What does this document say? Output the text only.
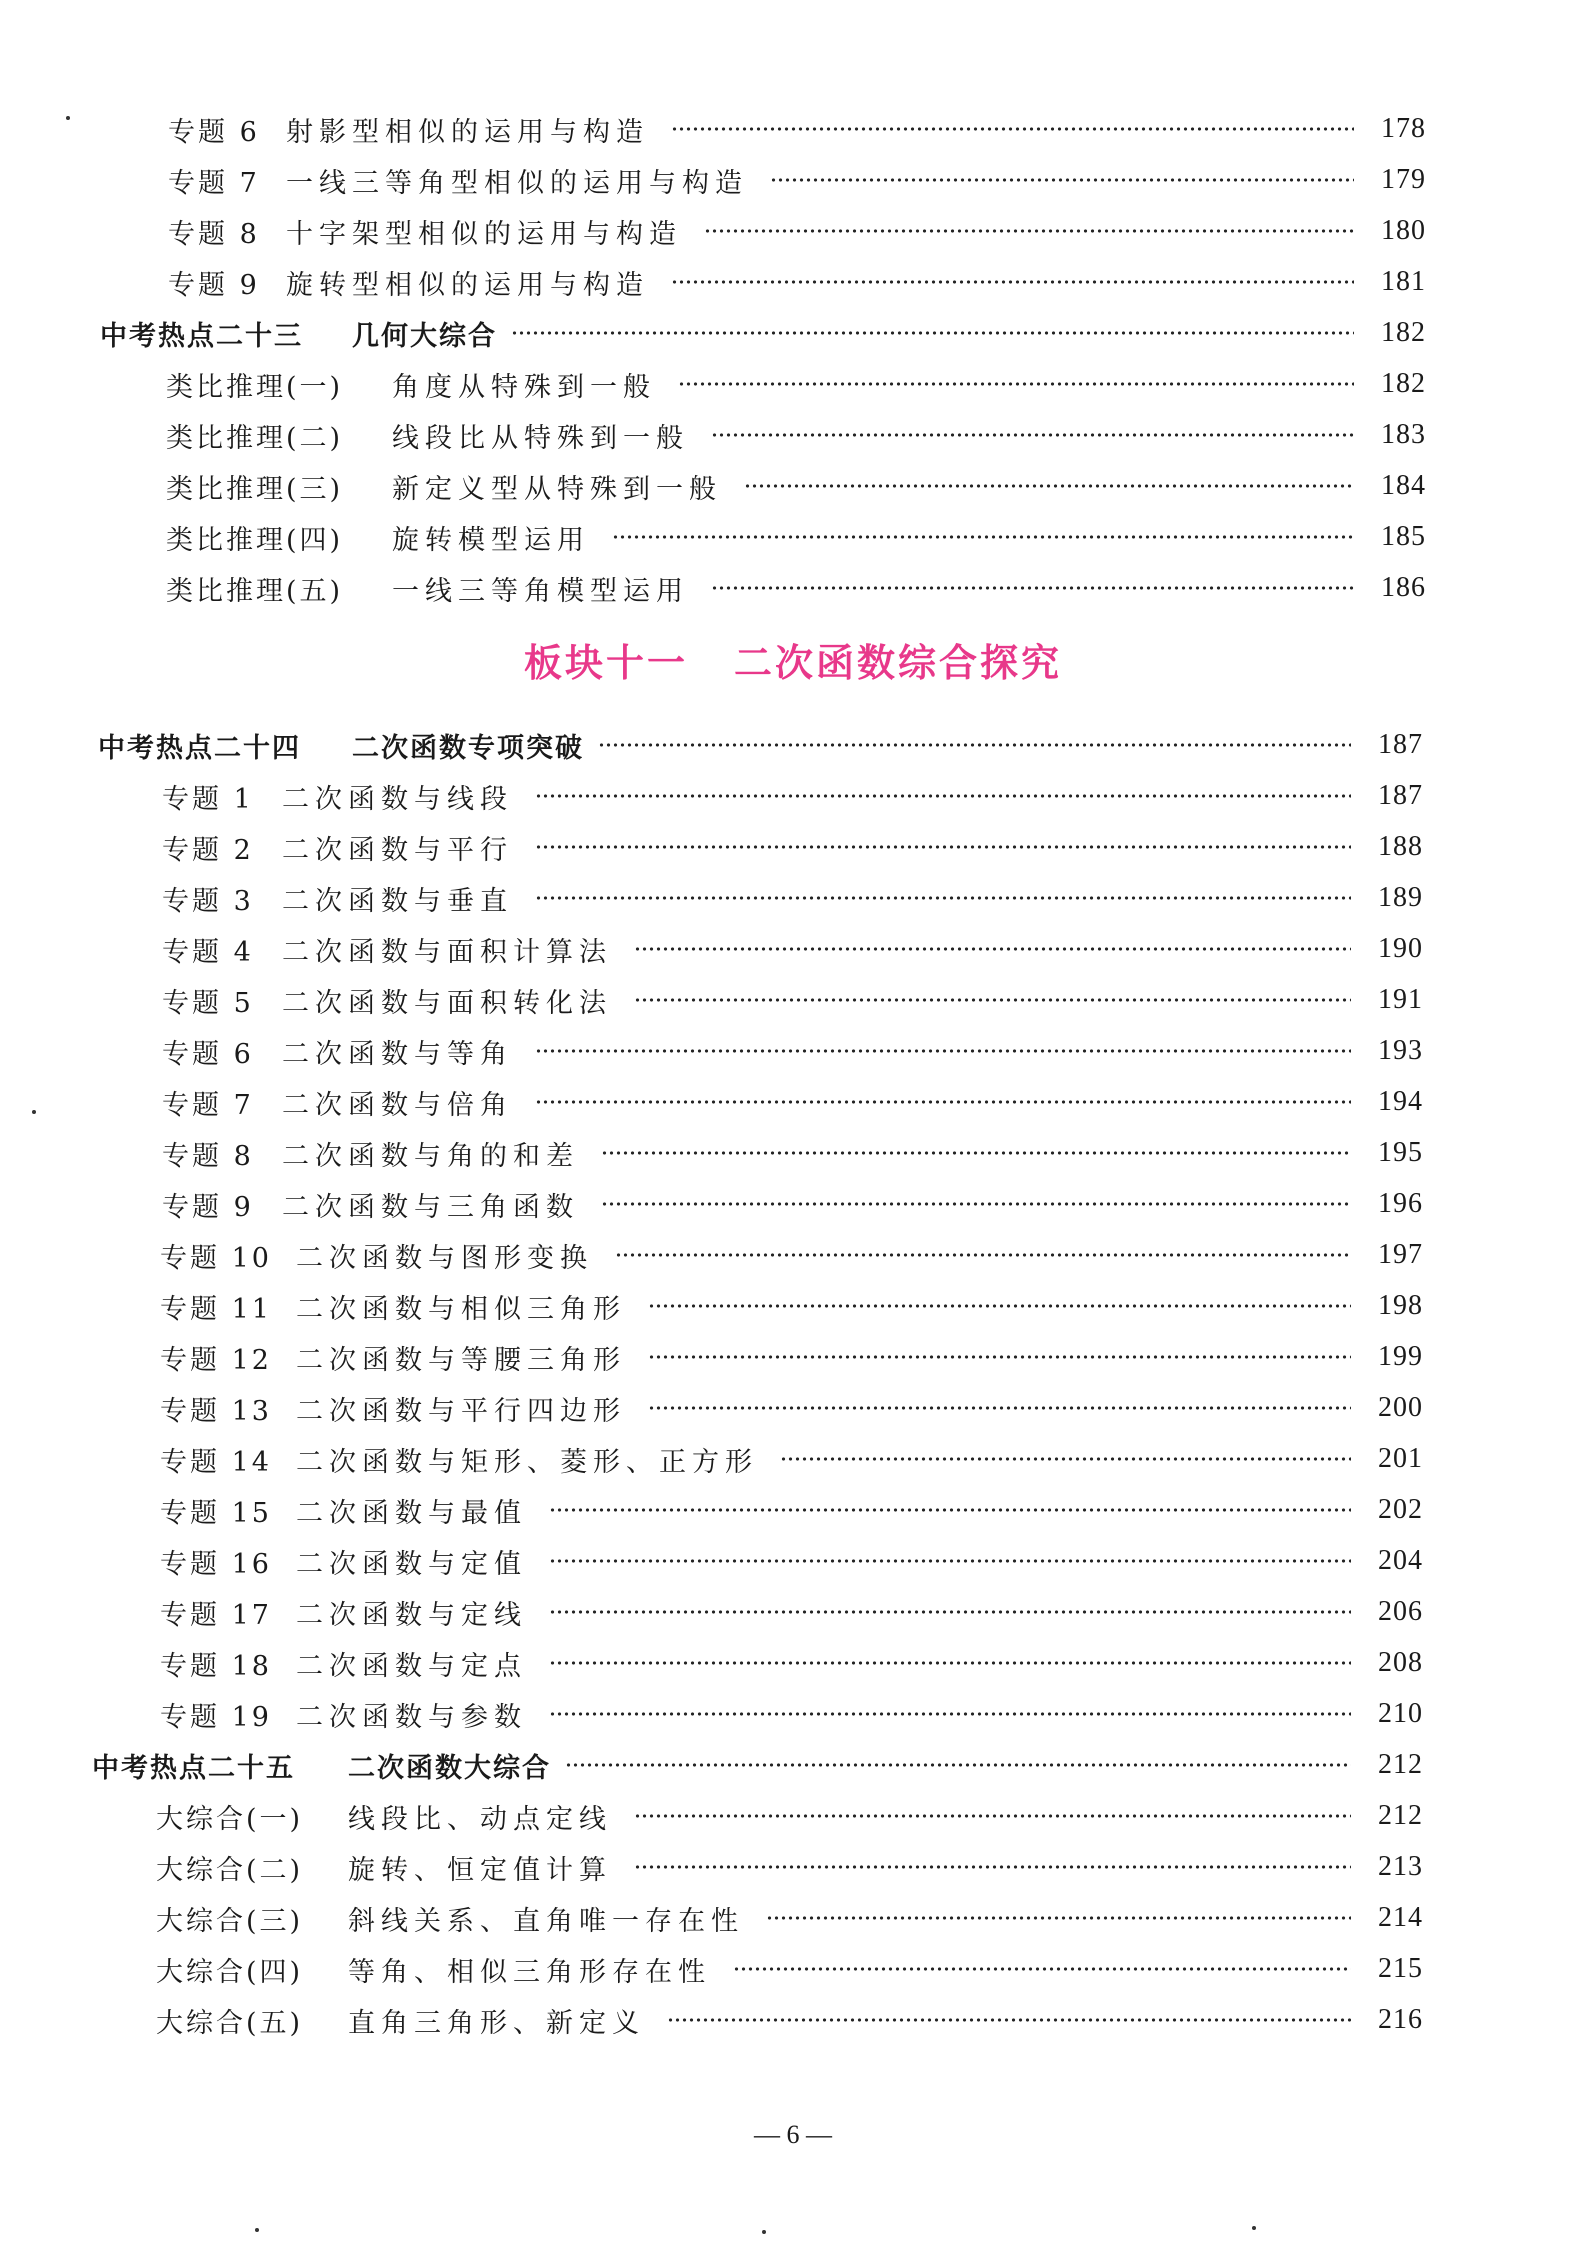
专题 6 射影型相似的运用与构造	178
专题 7 一线三等角型相似的运用与构造	179
专题 8 十字架型相似的运用与构造	180
专题 9 旋转型相似的运用与构造	181
中考热点二十三 几何大综合	182
类比推理(一) 角度从特殊到一般	182
类比推理(二) 线段比从特殊到一般	183
类比推理(三) 新定义型从特殊到一般	184
类比推理(四) 旋转模型运用	185
类比推理(五) 一线三等角模型运用	186
板块十一 二次函数综合探究
中考热点二十四 二次函数专项突破	187
专题 1 二次函数与线段	187
专题 2 二次函数与平行	188
专题 3 二次函数与垂直	189
专题 4 二次函数与面积计算法	190
专题 5 二次函数与面积转化法	191
专题 6 二次函数与等角	193
专题 7 二次函数与倍角	194
专题 8 二次函数与角的和差	195
专题 9 二次函数与三角函数	196
专题 10 二次函数与图形变换	197
专题 11 二次函数与相似三角形	198
专题 12 二次函数与等腰三角形	199
专题 13 二次函数与平行四边形	200
专题 14 二次函数与矩形、菱形、正方形	201
专题 15 二次函数与最值	202
专题 16 二次函数与定值	204
专题 17 二次函数与定线	206
专题 18 二次函数与定点	208
专题 19 二次函数与参数	210
中考热点二十五 二次函数大综合	212
大综合(一) 线段比、动点定线	212
大综合(二) 旋转、恒定值计算	213
大综合(三) 斜线关系、直角唯一存在性	214
大综合(四) 等角、相似三角形存在性	215
大综合(五) 直角三角形、新定义	216
— 6 —
